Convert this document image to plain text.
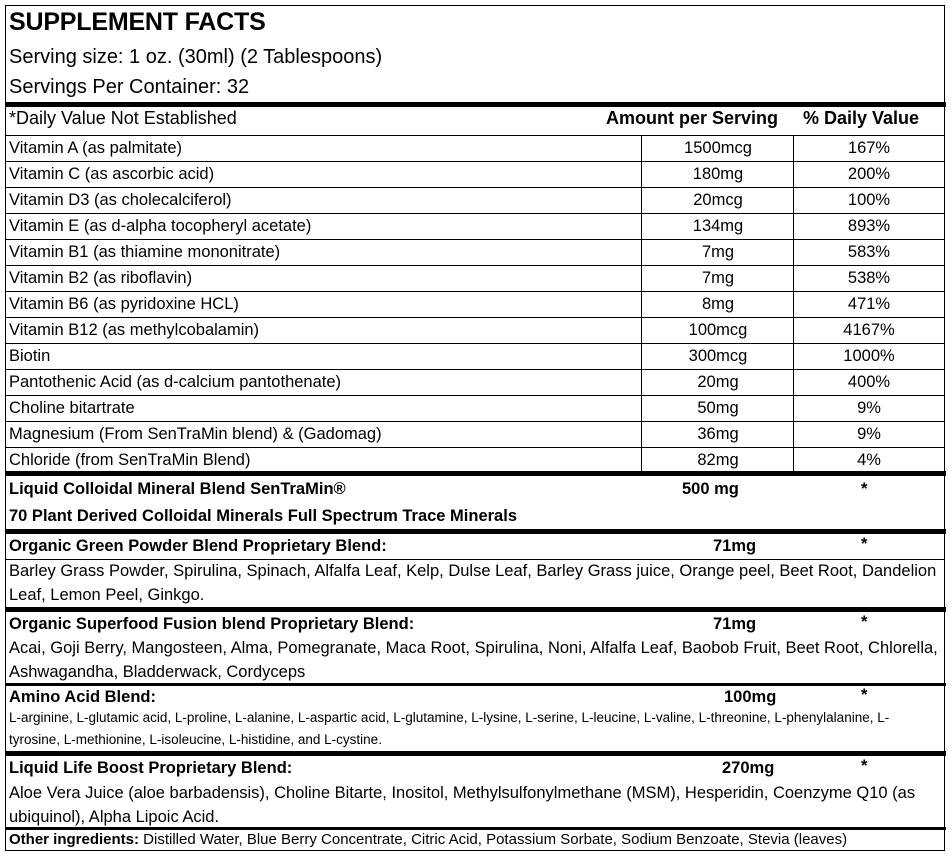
SUPPLEMENT FACTS
Serving size: 1 oz. (30ml) (2 Tablespoons)
Servings Per Container: 32
*Daily Value Not Established	Amount per Serving % Daily Value
Vitamin A (as palmitate)	1500mcg	167%
Vitamin C (as ascorbic acid)	180mg	200%
Vitamin D3 (as cholecalciferol)	20mcg	100%
Vitamin E (as d-alpha tocopheryl acetate)	134mg	893%
Vitamin B1 (as thiamine mononitrate)	7mg	583%
Vitamin B2 (as riboflavin)	7mg	538%
Vitamin B6 (as pyridoxine HCL)	8mg	471%
Vitamin B12 (as methylcobalamin)	100mcg	4167%
Biotin	300mcg	1000%
Pantothenic Acid (as d-calcium pantothenate)	20mg	400%
Choline bitartrate	50mg	9%
Magnesium (From SenTraMin blend) & (Gadomag)	36mg	9%
Chloride (from SenTraMin Blend)	82mg	4%
Liquid Colloidal Mineral Blend SenTraMin®	500 mg	*
70 Plant Derived Colloidal Minerals Full Spectrum Trace Minerals
Organic Green Powder Blend Proprietary Blend:	71mg	*
Barley Grass Powder, Spirulina, Spinach, Alfalfa Leaf, Kelp, Dulse Leaf, Barley Grass juice, Orange peel, Beet Root, Dandelion Leaf, Lemon Peel, Ginkgo.
Organic Superfood Fusion blend Proprietary Blend:	71mg	*
Acai, Goji Berry, Mangosteen, Alma, Pomegranate, Maca Root, Spirulina, Noni, Alfalfa Leaf, Baobob Fruit, Beet Root, Chlorella, Ashwagandha, Bladderwack, Cordyceps
Amino Acid Blend:	100mg	*
L-arginine, L-glutamic acid, L-proline, L-alanine, L-aspartic acid, L-glutamine, L-lysine, L-serine, L-leucine, L-valine, L-threonine, L-phenylalanine, L-tyrosine, L-methionine, L-isoleucine, L-histidine, and L-cystine.
Liquid Life Boost Proprietary Blend:	270mg	*
Aloe Vera Juice (aloe barbadensis), Choline Bitarte, Inositol, Methylsulfonylmethane (MSM), Hesperidin, Coenzyme Q10 (as ubiquinol), Alpha Lipoic Acid.
Other ingredients: Distilled Water, Blue Berry Concentrate, Citric Acid, Potassium Sorbate, Sodium Benzoate, Stevia (leaves)
